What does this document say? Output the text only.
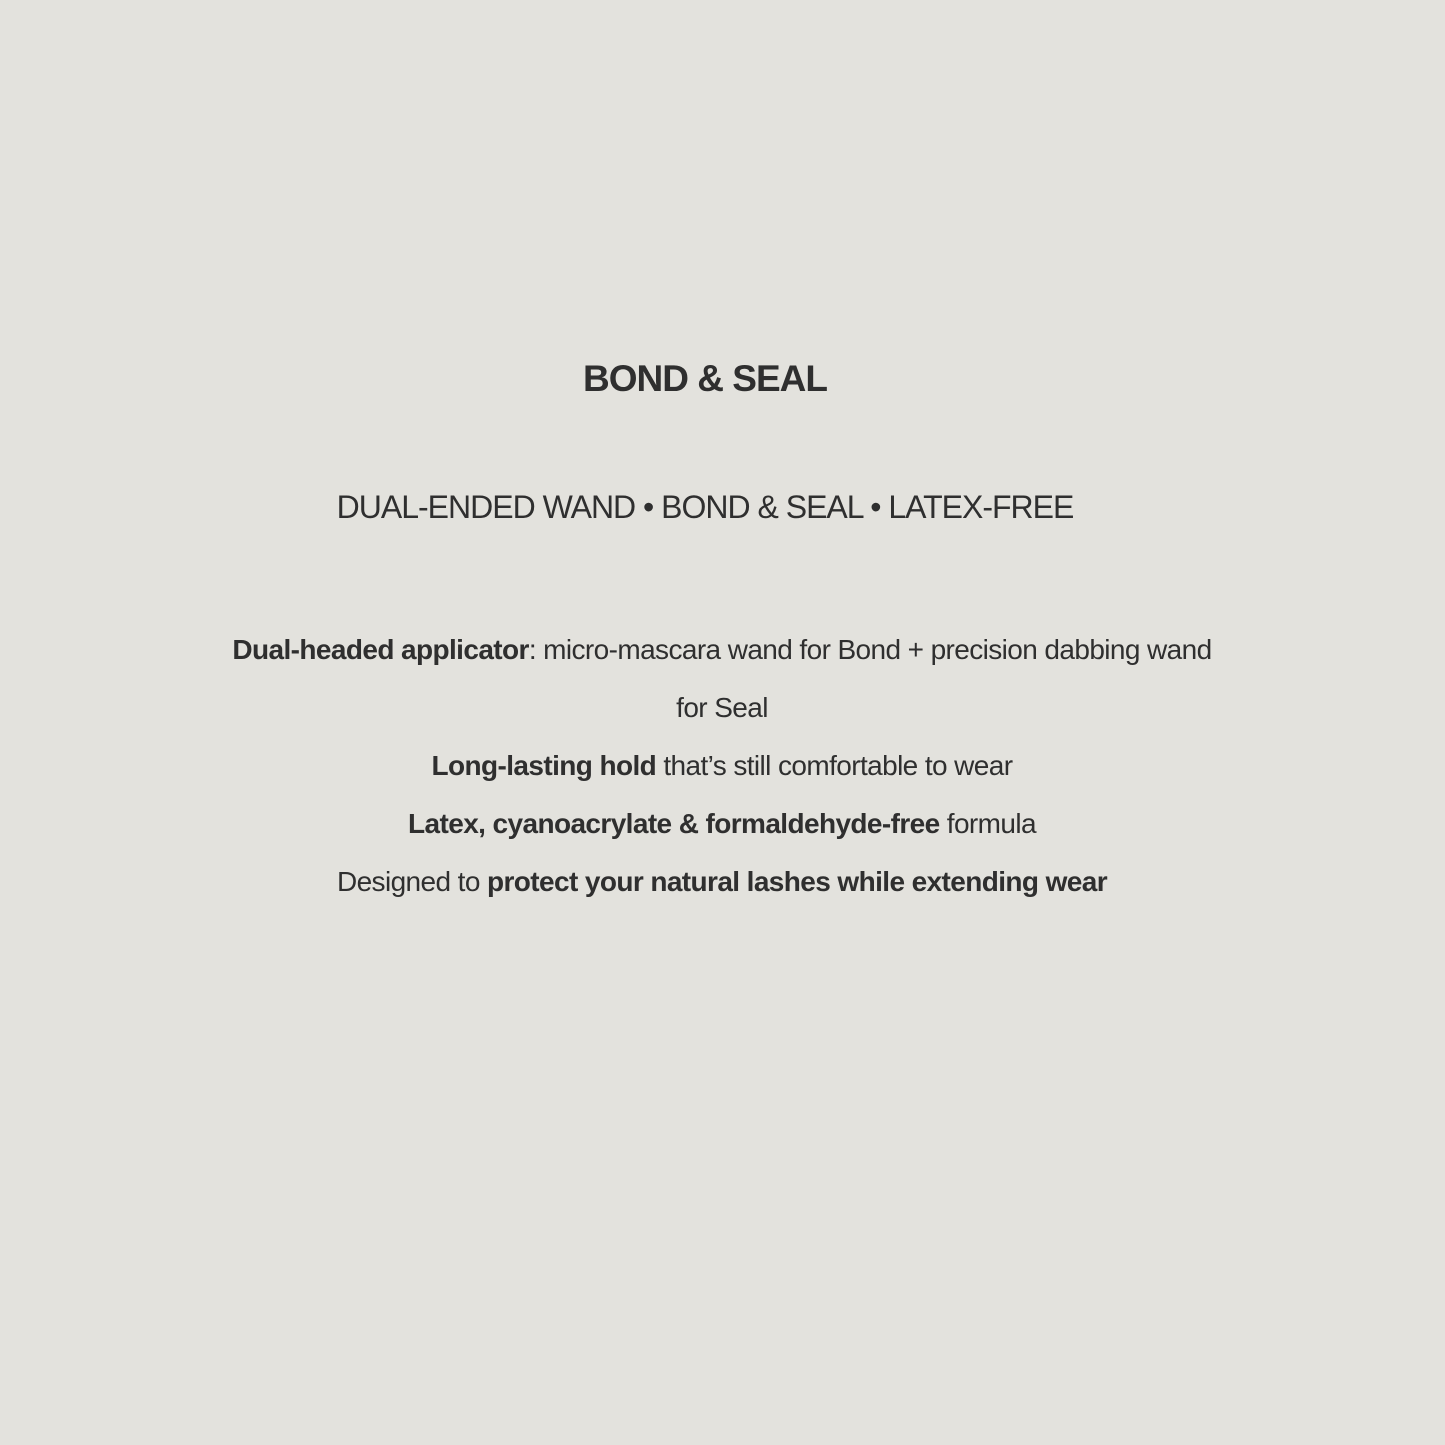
BOND & SEAL

DUAL-ENDED WAND • BOND & SEAL • LATEX-FREE

Dual-headed applicator: micro-mascara wand for Bond + precision dabbing wand
for Seal
Long-lasting hold that’s still comfortable to wear
Latex, cyanoacrylate & formaldehyde-free formula
Designed to protect your natural lashes while extending wear
